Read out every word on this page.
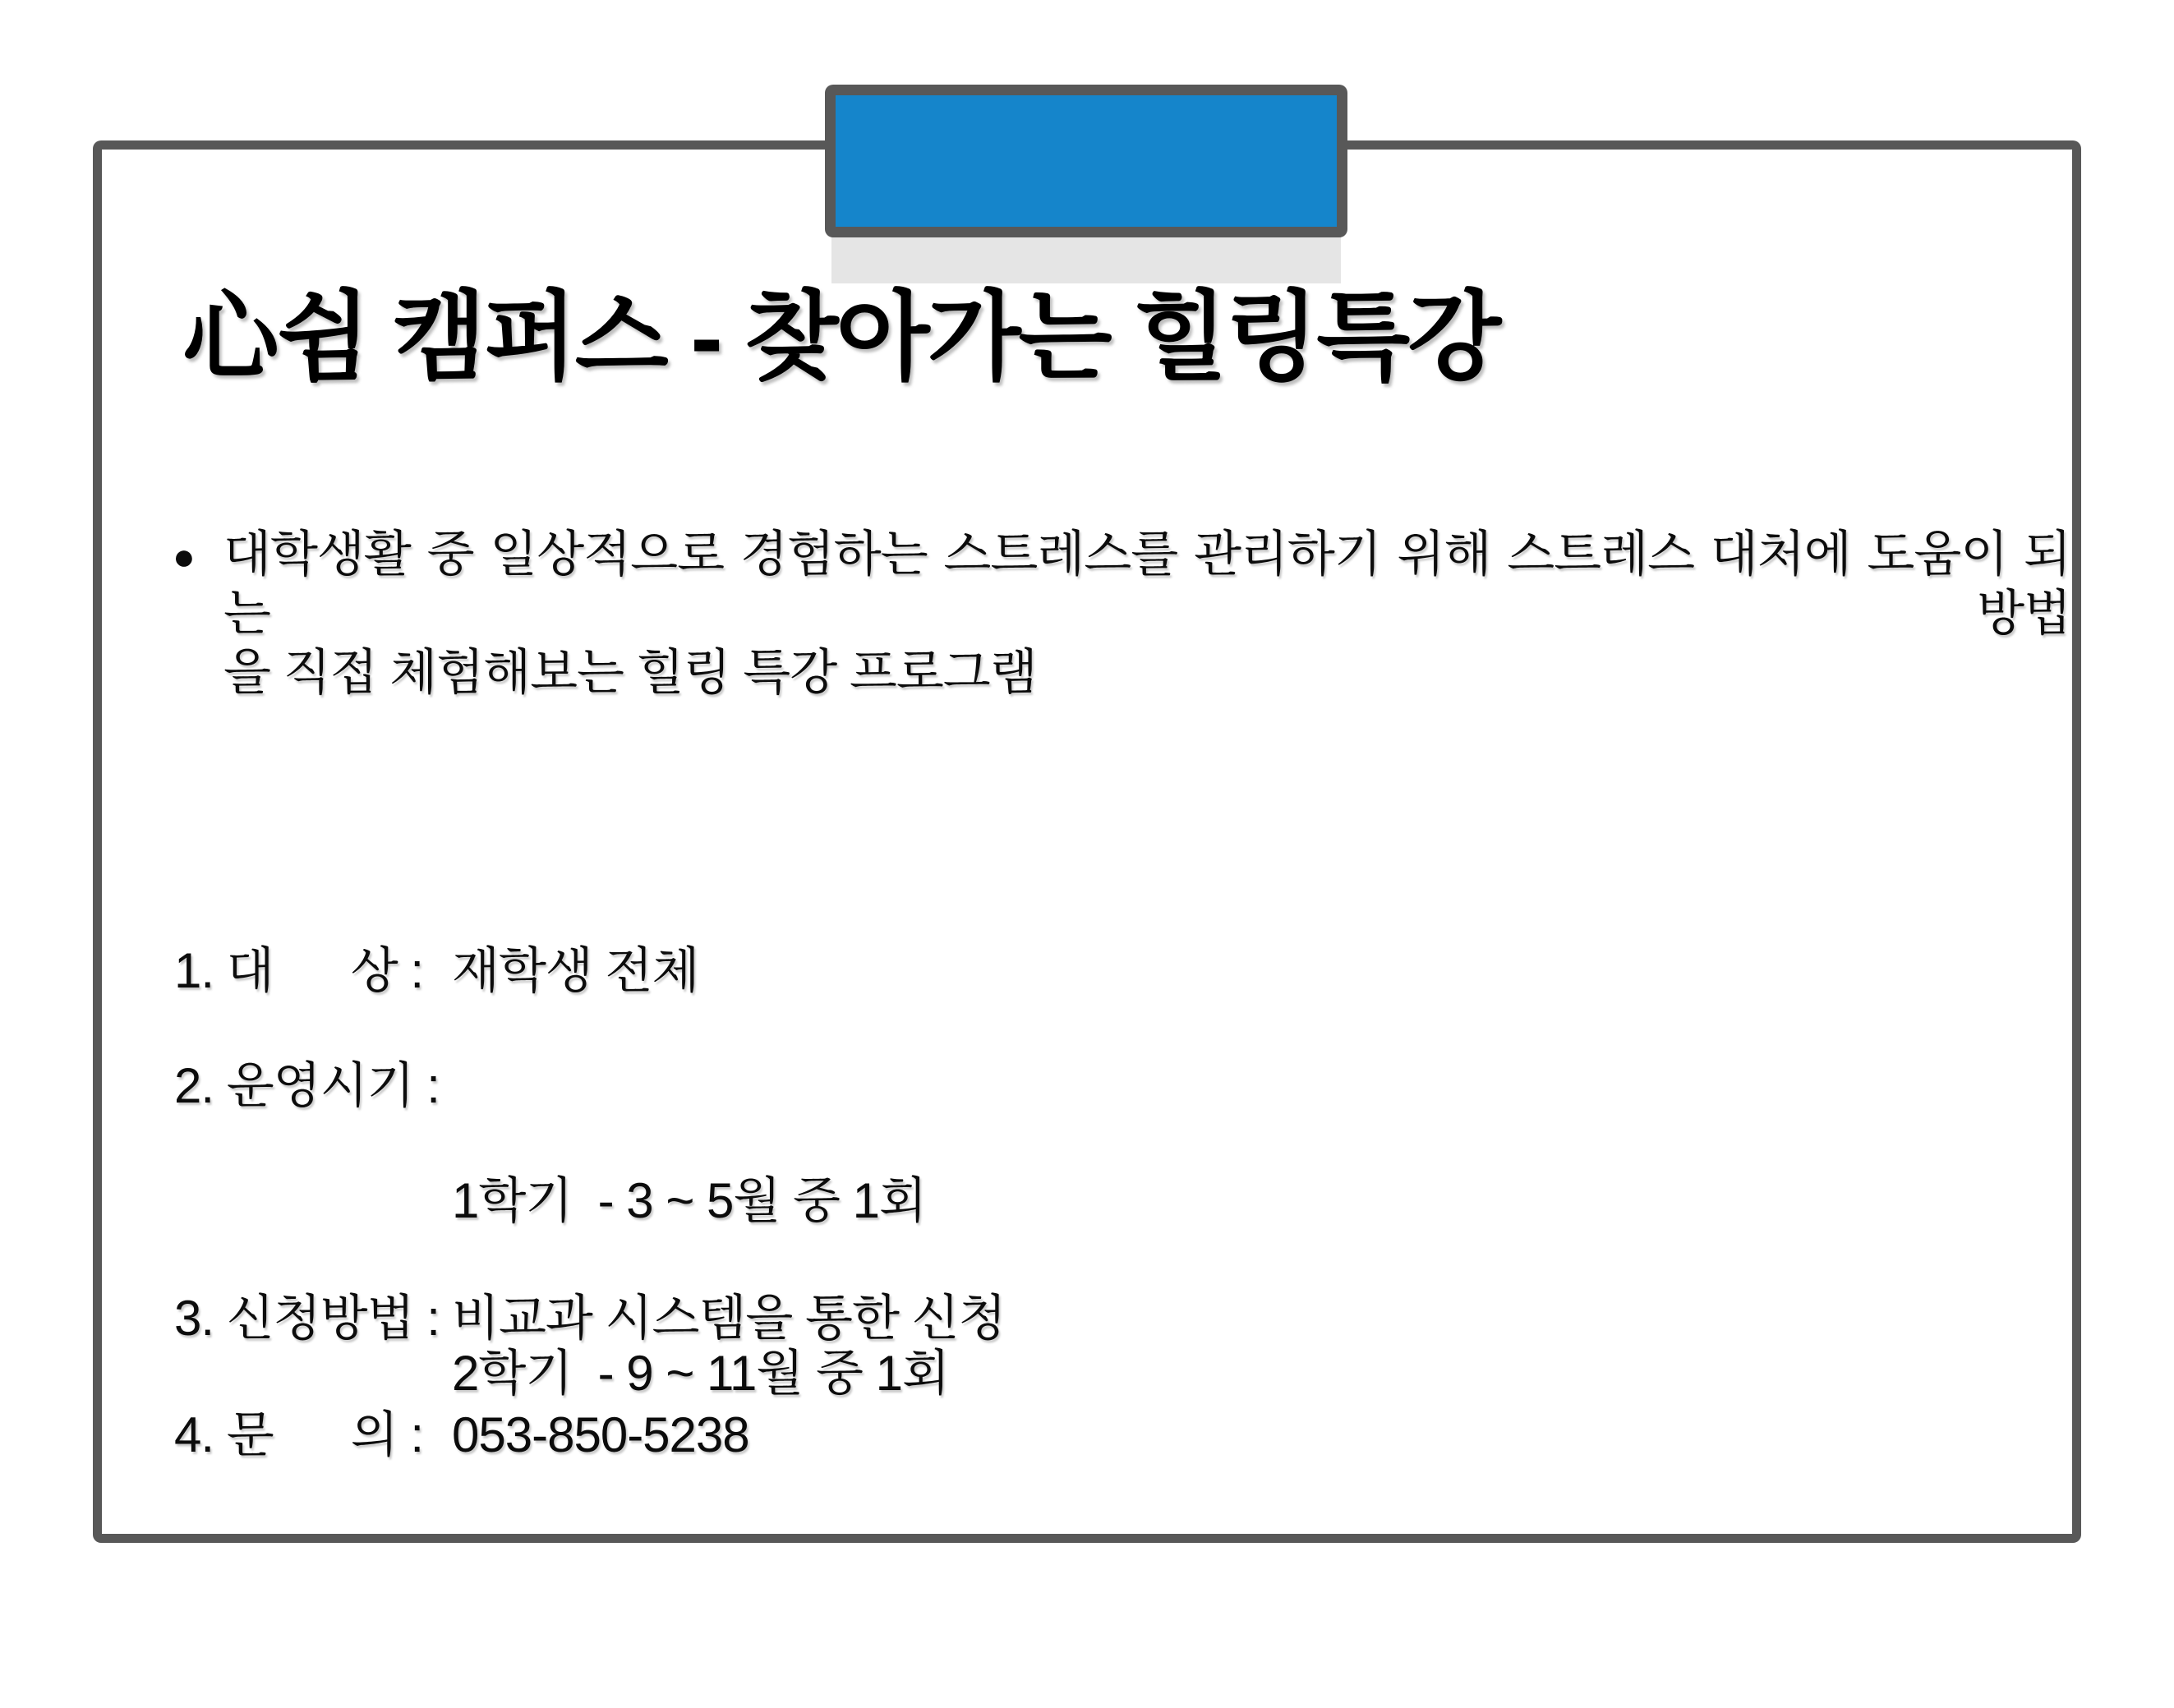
心쉼 캠퍼스 - 찾아가는 힐링특강
● 대학생활 중 일상적으로 경험하는 스트레스를 관리하기 위해 스트레스 대처에 도움이 되는 방법
을 직접 체험해보는 힐링 특강 프로그램
1. 대      상 : 재학생 전체
2. 운영시기 :

1학기  - 3 ~ 5월 중 1회

2학기  - 9 ~ 11월 중 1회

3. 신청방법 : 비교과 시스템을 통한 신청
4. 문      의 : 053-850-5238
